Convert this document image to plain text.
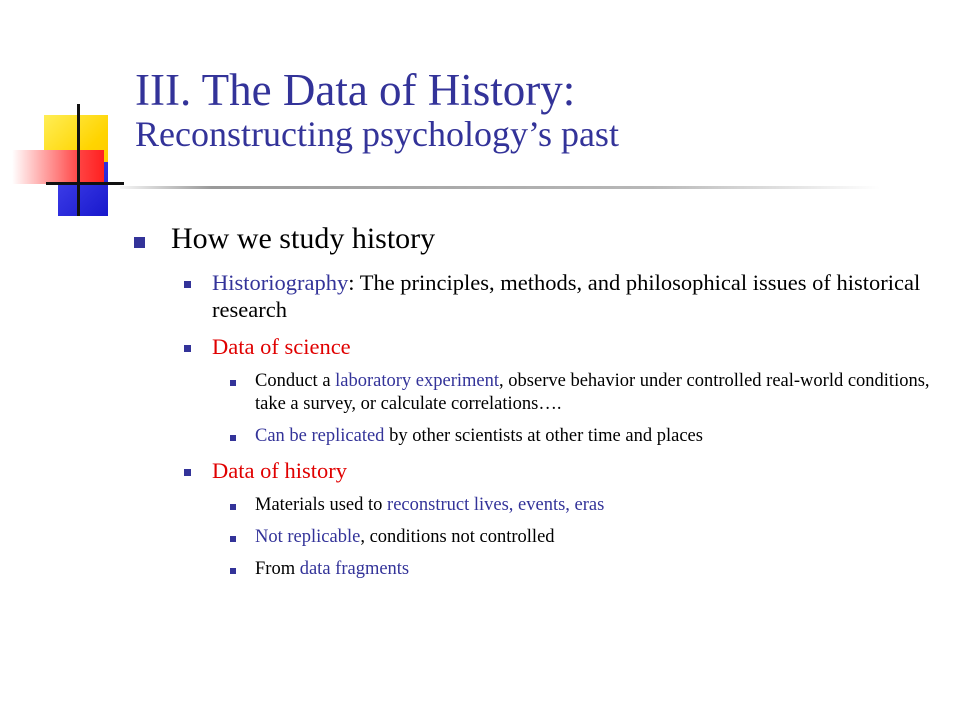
III. The Data of History:
Reconstructing psychology’s past
How we study history
Historiography: The principles, methods, and philosophical issues of historical research
Data of science
Conduct a laboratory experiment, observe behavior under controlled real-world conditions, take a survey, or calculate correlations….
Can be replicated by other scientists at other time and places
Data of history
Materials used to reconstruct lives, events, eras
Not replicable, conditions not controlled
From data fragments
